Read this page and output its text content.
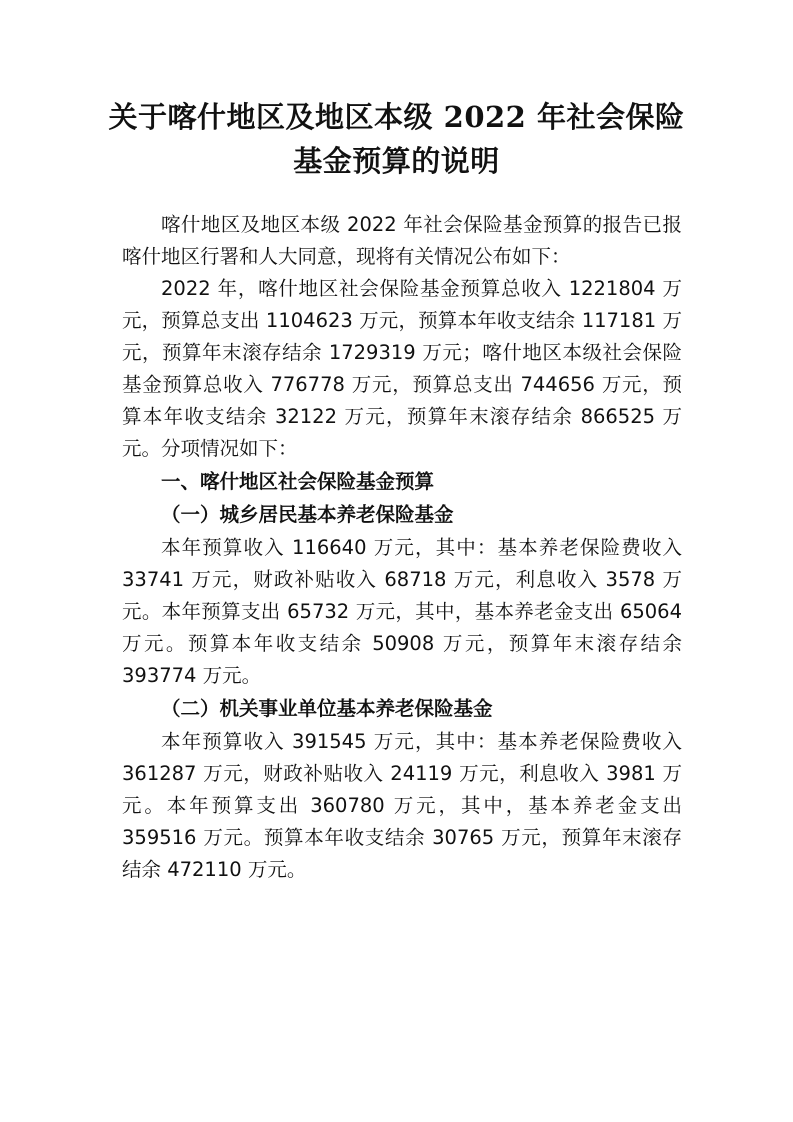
关于喀什地区及地区本级 2022 年社会保险
基金预算的说明

喀什地区及地区本级 2022 年社会保险基金预算的报告已报喀什地区行署和人大同意，现将有关情况公布如下：

2022 年，喀什地区社会保险基金预算总收入 1221804 万元，预算总支出 1104623 万元，预算本年收支结余 117181 万元，预算年末滚存结余 1729319 万元；喀什地区本级社会保险基金预算总收入 776778 万元，预算总支出 744656 万元，预算本年收支结余 32122 万元，预算年末滚存结余 866525 万元。分项情况如下：

一、喀什地区社会保险基金预算

（一）城乡居民基本养老保险基金

本年预算收入 116640 万元，其中：基本养老保险费收入 33741 万元，财政补贴收入 68718 万元，利息收入 3578 万元。本年预算支出 65732 万元，其中，基本养老金支出 65064 万元。预算本年收支结余 50908 万元，预算年末滚存结余 393774 万元。

（二）机关事业单位基本养老保险基金

本年预算收入 391545 万元，其中：基本养老保险费收入 361287 万元，财政补贴收入 24119 万元，利息收入 3981 万元。本年预算支出 360780 万元，其中，基本养老金支出 359516 万元。预算本年收支结余 30765 万元，预算年末滚存结余 472110 万元。
